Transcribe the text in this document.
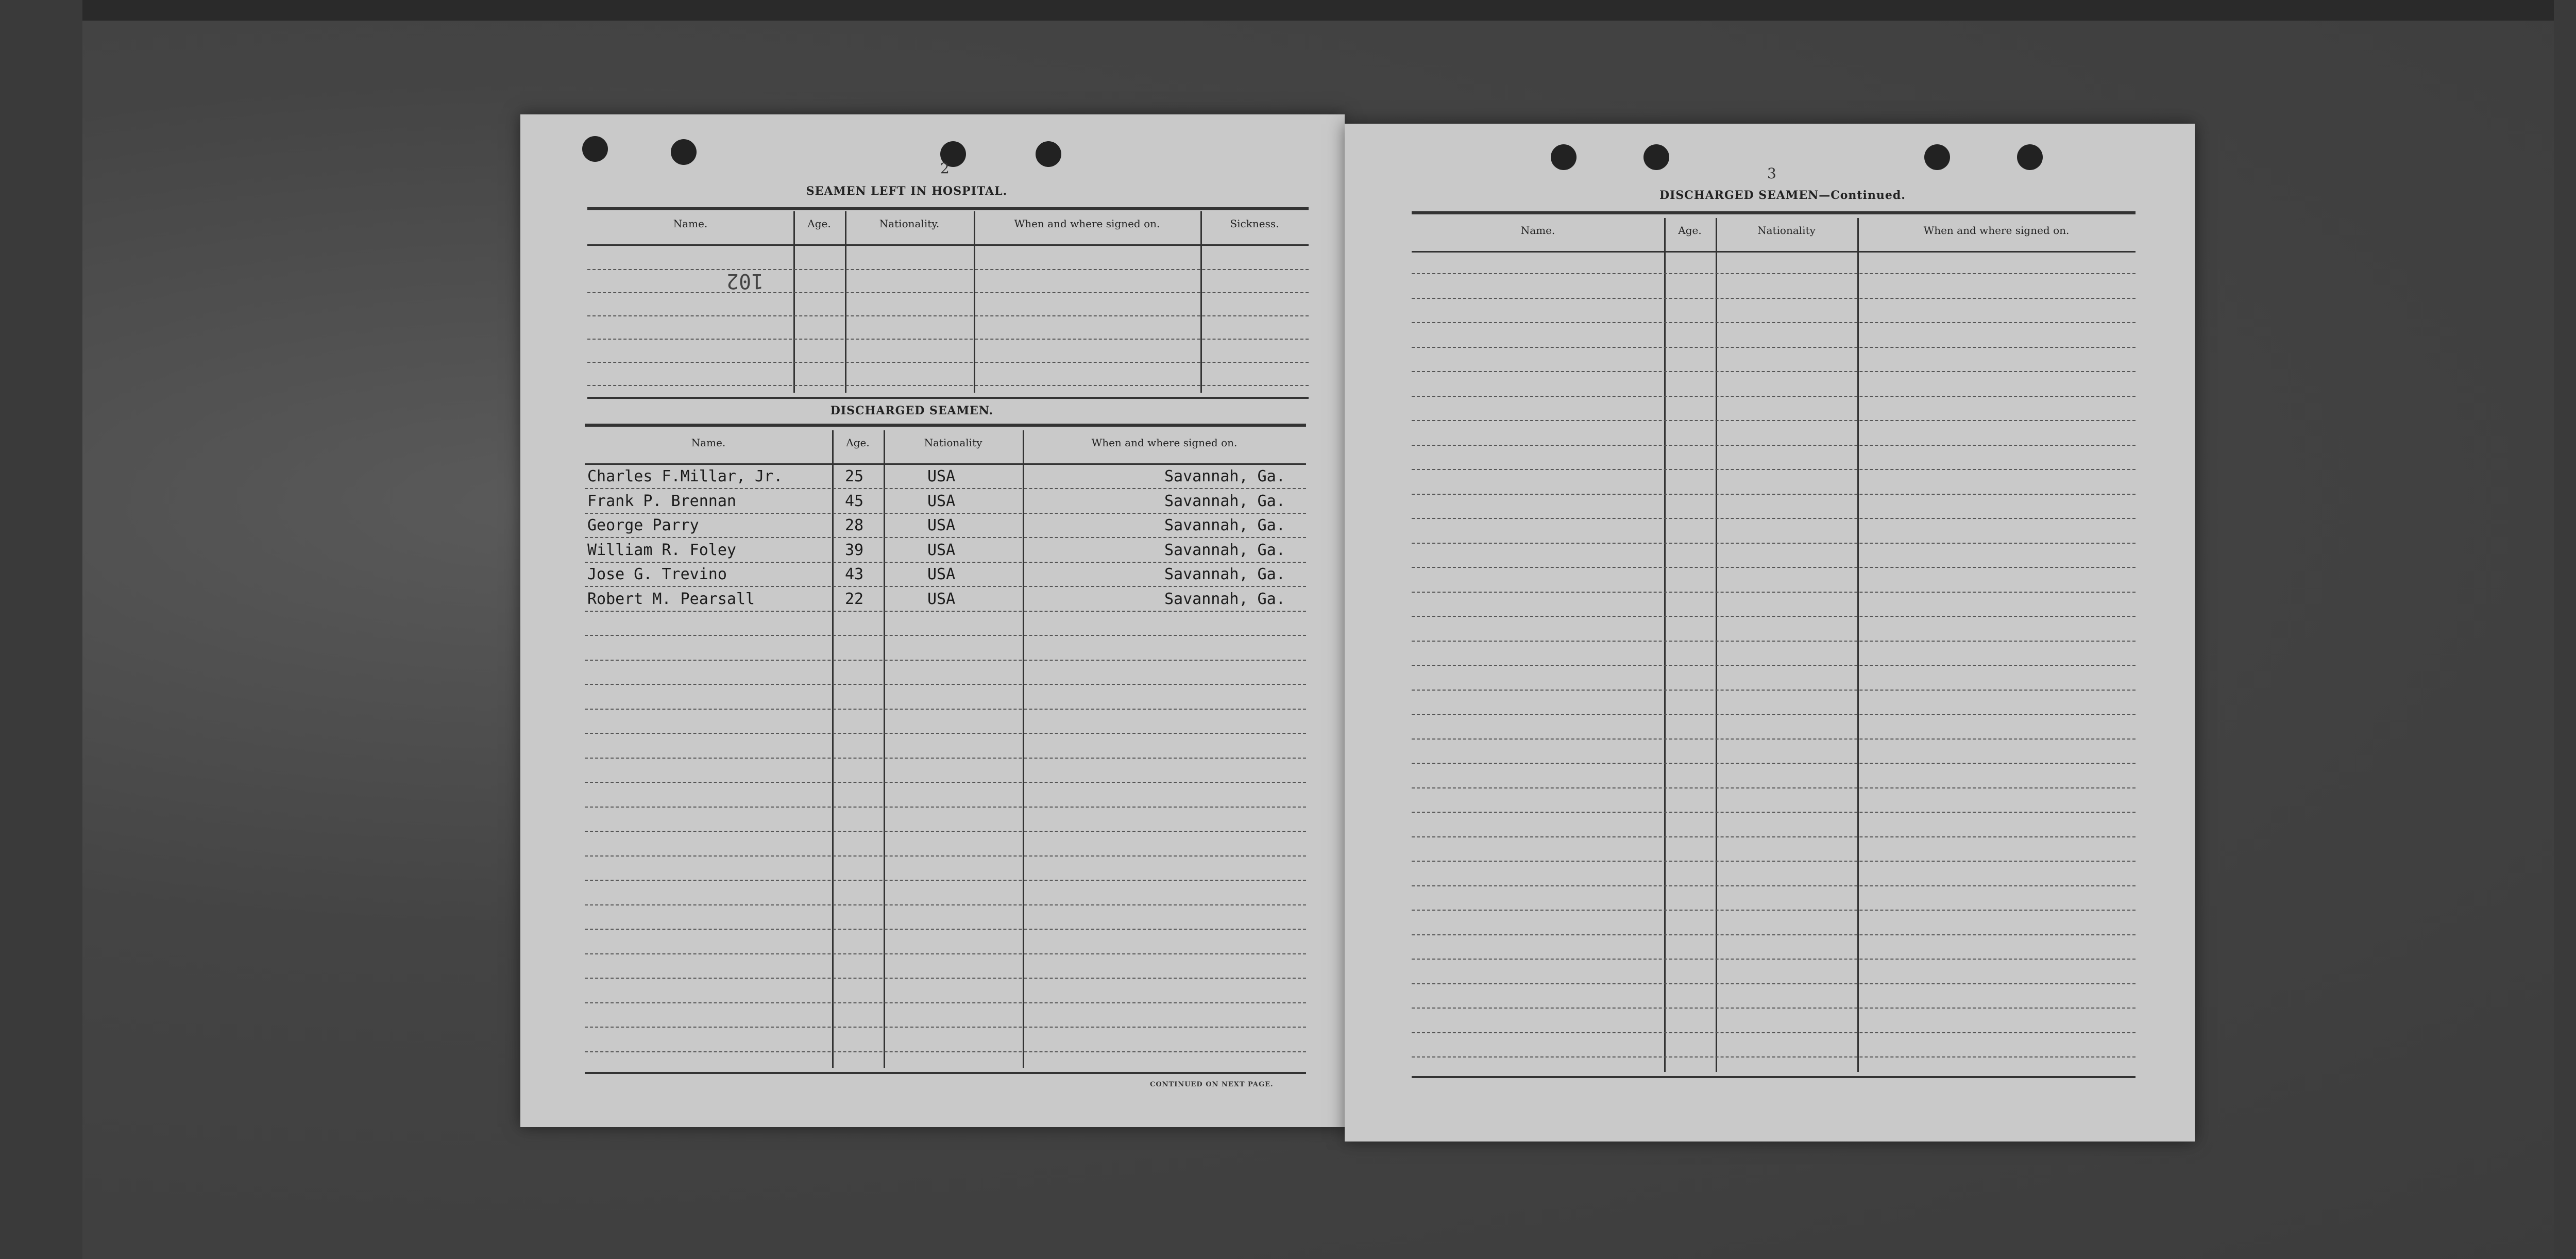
2
SEAMEN LEFT IN HOSPITAL.
Name.	Age.	Nationality.	When and where signed on.	Sickness.
102
DISCHARGED SEAMEN.
Name.	Age.	Nationality	When and where signed on.
Charles F.Millar, Jr.	25	USA	Savannah, Ga.
Frank P. Brennan	45	USA	Savannah, Ga.
George Parry	28	USA	Savannah, Ga.
William R. Foley	39	USA	Savannah, Ga.
Jose G. Trevino	43	USA	Savannah, Ga.
Robert M. Pearsall	22	USA	Savannah, Ga.
CONTINUED ON NEXT PAGE.
3
DISCHARGED SEAMEN—Continued.
Name.	Age.	Nationality	When and where signed on.
